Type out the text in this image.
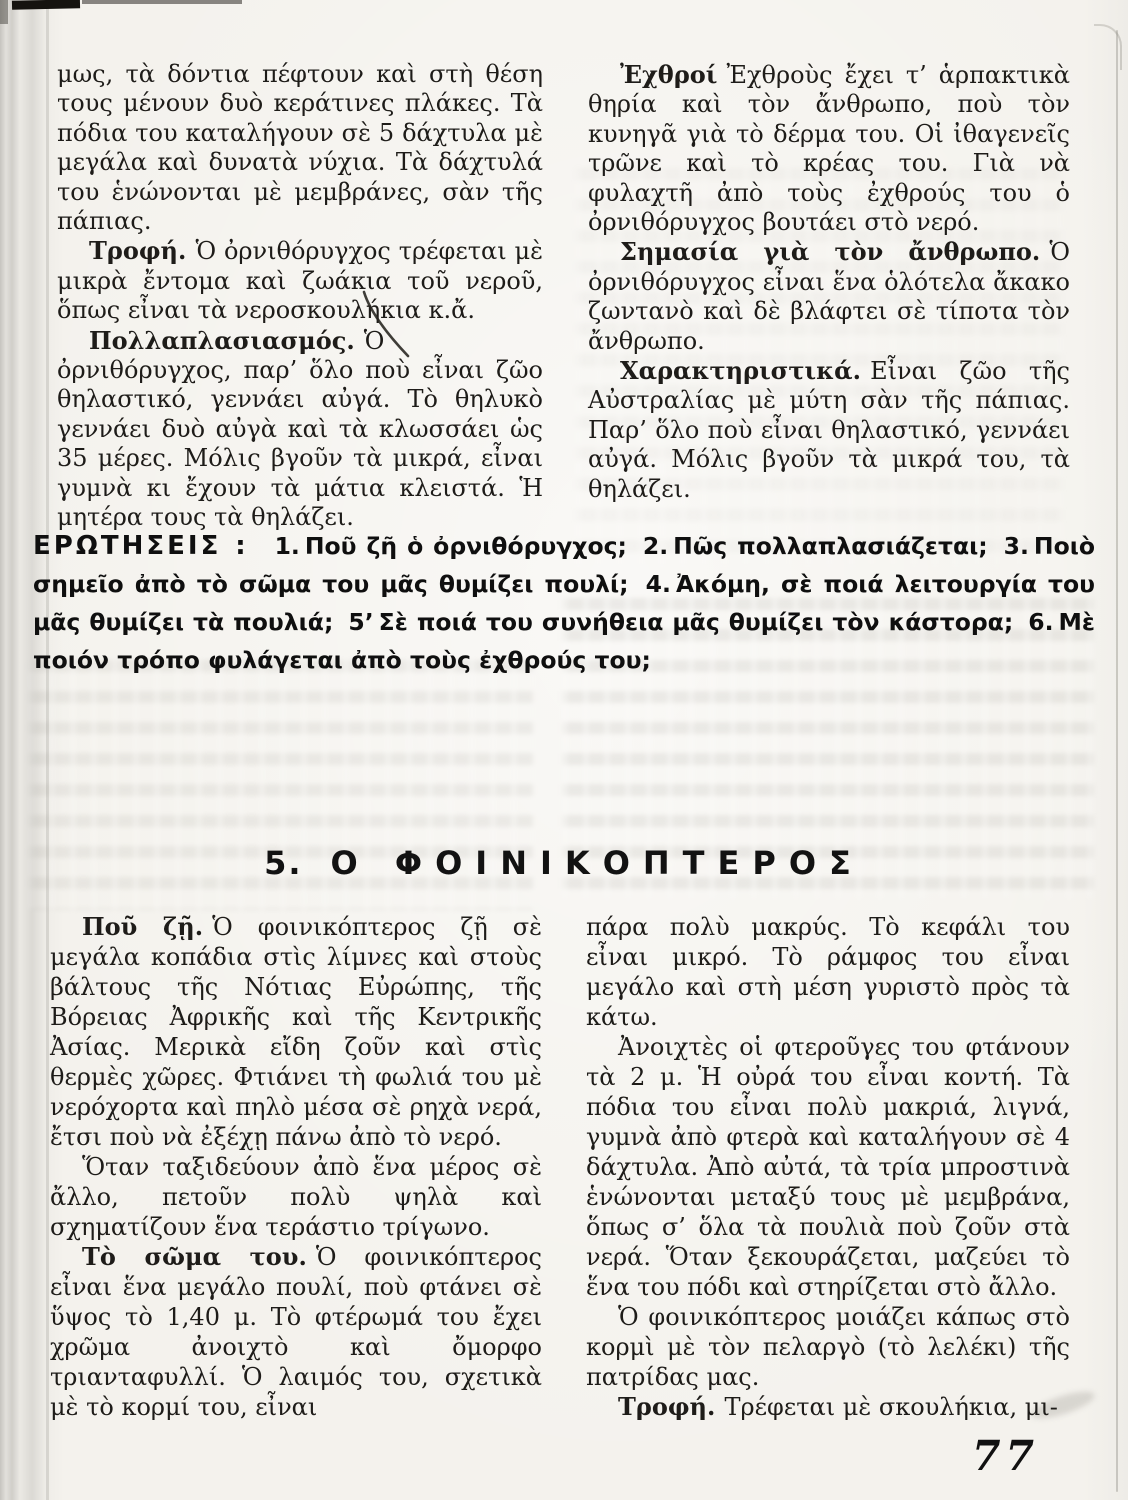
μως, τὰ δόντια πέφτουν καὶ στὴ θέση τους μένουν δυὸ κεράτινες πλάκες. Τὰ πόδια του καταλήγουν σὲ 5 δάχτυλα μὲ μεγάλα καὶ δυνατὰ νύχια. Τὰ δάχτυλά του ἑνώνονται μὲ μεμβράνες, σὰν τῆς πάπιας.

Τροφή. Ὁ ὀρνιθόρυγχος τρέφεται μὲ μικρὰ ἔντομα καὶ ζωάκια τοῦ νεροῦ, ὅπως εἶναι τὰ νεροσκουλήκια κ.ἄ.

Πολλαπλασιασμός. Ὁ ὀρνιθόρυγχος, παρ’ ὅλο ποὺ εἶναι ζῶο θηλαστικό, γεννάει αὐγά. Τὸ θηλυκὸ γεννάει δυὸ αὐγὰ καὶ τὰ κλωσσάει ὡς 35 μέρες. Μόλις βγοῦν τὰ μικρά, εἶναι γυμνὰ κι ἔχουν τὰ μάτια κλειστά. Ἡ μητέρα τους τὰ θηλάζει.

Ἐχθροί Ἐχθροὺς ἔχει τ’ ἁρπακτικὰ θηρία καὶ τὸν ἄνθρωπο, ποὺ τὸν κυνηγᾶ γιὰ τὸ δέρμα του. Οἱ ἰθαγενεῖς τρῶνε καὶ τὸ κρέας του. Γιὰ νὰ φυλαχτῆ ἀπὸ τοὺς ἐχθρούς του ὁ ὀρνιθόρυγχος βουτάει στὸ νερό.

Σημασία γιὰ τὸν ἄνθρωπο. Ὁ ὀρνιθόρυγχος εἶναι ἕνα ὁλότελα ἄκακο ζωντανὸ καὶ δὲ βλάφτει σὲ τίποτα τὸν ἄνθρωπο.

Χαρακτηριστικά. Εἶναι ζῶο τῆς Αὐστραλίας μὲ μύτη σὰν τῆς πάπιας. Παρ’ ὅλο ποὺ εἶναι θηλαστικό, γεννάει αὐγά. Μόλις βγοῦν τὰ μικρά του, τὰ θηλάζει.

ΕΡΩΤΗΣΕΙΣ : 1. Ποῦ ζῆ ὁ ὀρνιθόρυγχος; 2. Πῶς πολλαπλασιάζεται; 3. Ποιὸ σημεῖο ἀπὸ τὸ σῶμα του μᾶς θυμίζει πουλί; 4. Ἀκόμη, σὲ ποιά λειτουργία του μᾶς θυμίζει τὰ πουλιά; 5’ Σὲ ποιά του συνήθεια μᾶς θυμίζει τὸν κάστορα; 6. Μὲ ποιόν τρόπο φυλάγεται ἀπὸ τοὺς ἐχθρούς του;
5. Ο ΦΟΙΝΙΚΟΠΤΕΡΟΣ

Ποῦ ζῇ. Ὁ φοινικόπτερος ζῇ σὲ μεγάλα κοπάδια στὶς λίμνες καὶ στοὺς βάλτους τῆς Νότιας Εὐρώπης, τῆς Βόρειας Ἀφρικῆς καὶ τῆς Κεντρικῆς Ἀσίας. Μερικὰ εἴδη ζοῦν καὶ στὶς θερμὲς χῶρες. Φτιάνει τὴ φωλιά του μὲ νερόχορτα καὶ πηλὸ μέσα σὲ ρηχὰ νερά, ἔτσι ποὺ νὰ ἐξέχῃ πάνω ἀπὸ τὸ νερό.

Ὅταν ταξιδεύουν ἀπὸ ἕνα μέρος σὲ ἄλλο, πετοῦν πολὺ ψηλὰ καὶ σχηματίζουν ἕνα τεράστιο τρίγωνο.

Τὸ σῶμα του. Ὁ φοινικόπτερος εἶναι ἕνα μεγάλο πουλί, ποὺ φτάνει σὲ ὕψος τὸ 1,40 μ. Τὸ φτέρωμά του ἔχει χρῶμα ἀνοιχτὸ καὶ ὄμορφο τριανταφυλλί. Ὁ λαιμός του, σχετικὰ μὲ τὸ κορμί του, εἶναι

πάρα πολὺ μακρύς. Τὸ κεφάλι του εἶναι μικρό. Τὸ ράμφος του εἶναι μεγάλο καὶ στὴ μέση γυριστὸ πρὸς τὰ κάτω.

Ἀνοιχτὲς οἱ φτεροῦγες του φτάνουν τὰ 2 μ. Ἡ οὐρά του εἶναι κοντή. Τὰ πόδια του εἶναι πολὺ μακριά, λιγνά, γυμνὰ ἀπὸ φτερὰ καὶ καταλήγουν σὲ 4 δάχτυλα. Ἀπὸ αὐτά, τὰ τρία μπροστινὰ ἑνώνονται μεταξύ τους μὲ μεμβράνα, ὅπως σ’ ὅλα τὰ πουλιὰ ποὺ ζοῦν στὰ νερά. Ὅταν ξεκουράζεται, μαζεύει τὸ ἕνα του πόδι καὶ στηρίζεται στὸ ἄλλο.

Ὁ φοινικόπτερος μοιάζει κάπως στὸ κορμὶ μὲ τὸν πελαργὸ (τὸ λελέκι) τῆς πατρίδας μας.

Τροφή. Τρέφεται μὲ σκουλήκια, μι-

77
